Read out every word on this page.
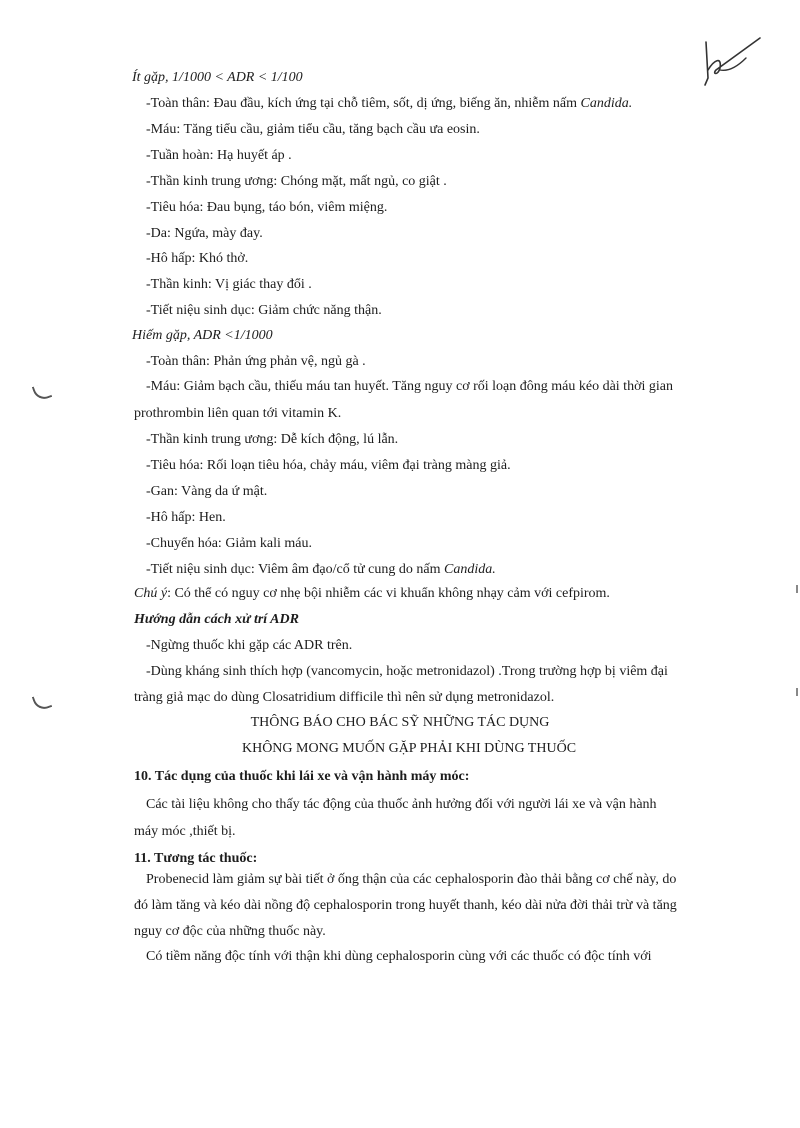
Ít gặp, 1/1000 < ADR < 1/100
-Toàn thân: Đau đầu, kích ứng tại chỗ tiêm, sốt, dị ứng, biếng ăn, nhiễm nấm Candida.
-Máu: Tăng tiểu cầu, giảm tiểu cầu, tăng bạch cầu ưa eosin.
-Tuần hoàn: Hạ huyết áp .
-Thần kinh trung ương: Chóng mặt, mất ngủ, co giật .
-Tiêu hóa: Đau bụng, táo bón, viêm miệng.
-Da: Ngứa, mày đay.
-Hô hấp: Khó thở.
-Thần kinh: Vị giác thay đổi .
-Tiết niệu sinh dục: Giảm chức năng thận.
Hiếm gặp, ADR <1/1000
-Toàn thân: Phản ứng phản vệ, ngủ gà .
-Máu: Giảm bạch cầu, thiếu máu tan huyết. Tăng nguy cơ rối loạn đông máu kéo dài thời gian
prothrombin liên quan tới vitamin K.
-Thần kinh trung ương: Dễ kích động, lú lẫn.
-Tiêu hóa: Rối loạn tiêu hóa, chảy máu, viêm đại tràng màng giả.
-Gan: Vàng da ứ mật.
-Hô hấp: Hen.
-Chuyển hóa: Giảm kali máu.
-Tiết niệu sinh dục: Viêm âm đạo/cổ tử cung do nấm Candida.
Chú ý: Có thể có nguy cơ nhẹ bội nhiễm các vi khuẩn không nhạy cảm với cefpirom.
Hướng dẫn cách xử trí ADR
-Ngừng thuốc khi gặp các ADR trên.
-Dùng kháng sinh thích hợp (vancomycin, hoặc metronidazol) .Trong trường hợp bị viêm đại
tràng giả mạc do dùng Closatridium difficile thì nên sử dụng metronidazol.
THÔNG BÁO CHO BÁC SỸ NHỮNG TÁC DỤNG
KHÔNG MONG MUỐN GẶP PHẢI KHI DÙNG THUỐC
10. Tác dụng của thuốc khi lái xe và vận hành máy móc:
Các tài liệu không cho thấy tác động của thuốc ảnh hưởng đối với người lái xe và vận hành
máy móc ,thiết bị.
11. Tương tác thuốc:
Probenecid làm giảm sự bài tiết ở ống thận của các cephalosporin đào thải bằng cơ chế này, do
đó làm tăng và kéo dài nồng độ cephalosporin trong huyết thanh, kéo dài nửa đời thải trừ và tăng
nguy cơ độc của những thuốc này.
Có tiềm năng độc tính với thận khi dùng cephalosporin cùng với các thuốc có độc tính với
